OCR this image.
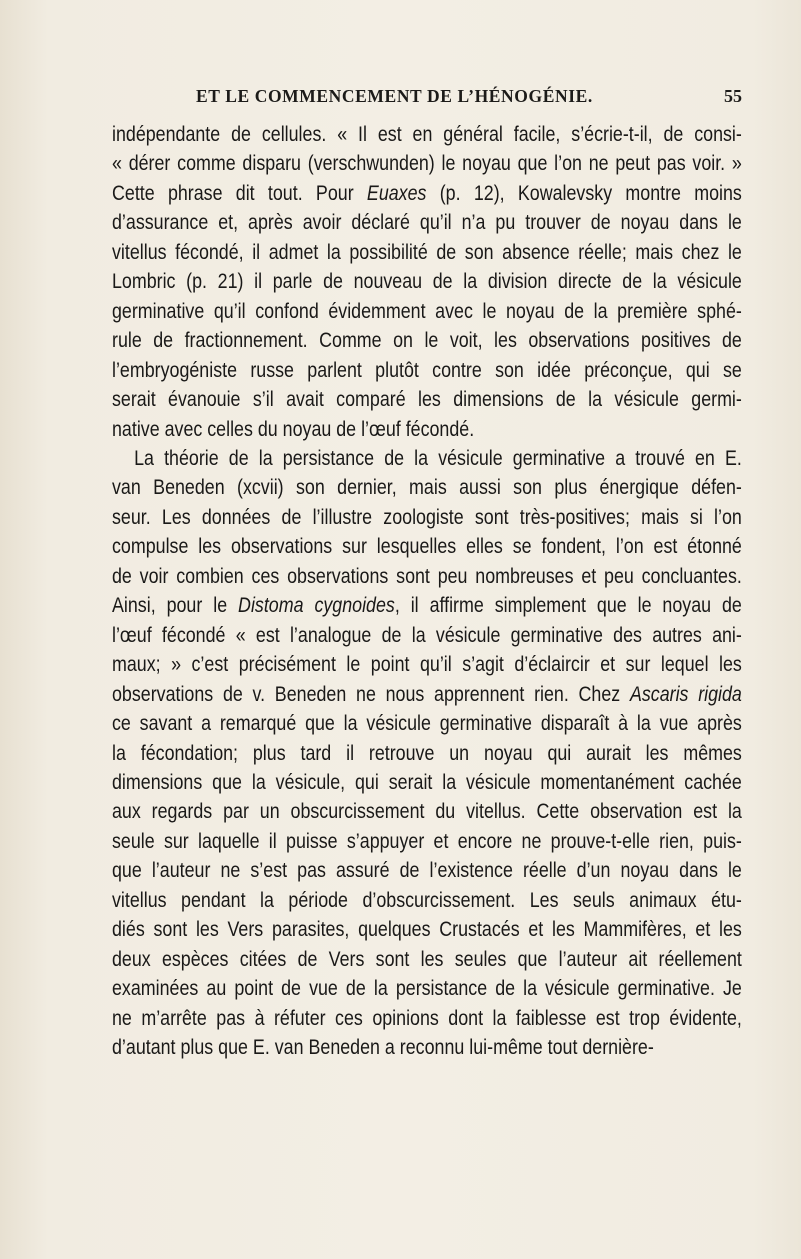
ET LE COMMENCEMENT DE L’HÉNOGÉNIE.	55
indépendante de cellules. « Il est en général facile, s’écrie-t-il, de consi-
« dérer comme disparu (verschwunden) le noyau que l’on ne peut pas voir. »
Cette phrase dit tout. Pour Euaxes (p. 12), Kowalevsky montre moins
d’assurance et, après avoir déclaré qu’il n’a pu trouver de noyau dans le
vitellus fécondé, il admet la possibilité de son absence réelle; mais chez le
Lombric (p. 21) il parle de nouveau de la division directe de la vésicule
germinative qu’il confond évidemment avec le noyau de la première sphé-
rule de fractionnement. Comme on le voit, les observations positives de
l’embryogéniste russe parlent plutôt contre son idée préconçue, qui se
serait évanouie s’il avait comparé les dimensions de la vésicule germi-
native avec celles du noyau de l’œuf fécondé.
La théorie de la persistance de la vésicule germinative a trouvé en E.
van Beneden (xcvii) son dernier, mais aussi son plus énergique défen-
seur. Les données de l’illustre zoologiste sont très-positives; mais si l’on
compulse les observations sur lesquelles elles se fondent, l’on est étonné
de voir combien ces observations sont peu nombreuses et peu concluantes.
Ainsi, pour le Distoma cygnoides, il affirme simplement que le noyau de
l’œuf fécondé « est l’analogue de la vésicule germinative des autres ani-
maux; » c’est précisément le point qu’il s’agit d’éclaircir et sur lequel les
observations de v. Beneden ne nous apprennent rien. Chez Ascaris rigida
ce savant a remarqué que la vésicule germinative disparaît à la vue après
la fécondation; plus tard il retrouve un noyau qui aurait les mêmes
dimensions que la vésicule, qui serait la vésicule momentanément cachée
aux regards par un obscurcissement du vitellus. Cette observation est la
seule sur laquelle il puisse s’appuyer et encore ne prouve-t-elle rien, puis-
que l’auteur ne s’est pas assuré de l’existence réelle d’un noyau dans le
vitellus pendant la période d’obscurcissement. Les seuls animaux étu-
diés sont les Vers parasites, quelques Crustacés et les Mammifères, et les
deux espèces citées de Vers sont les seules que l’auteur ait réellement
examinées au point de vue de la persistance de la vésicule germinative. Je
ne m’arrête pas à réfuter ces opinions dont la faiblesse est trop évidente,
d’autant plus que E. van Beneden a reconnu lui-même tout dernière-
